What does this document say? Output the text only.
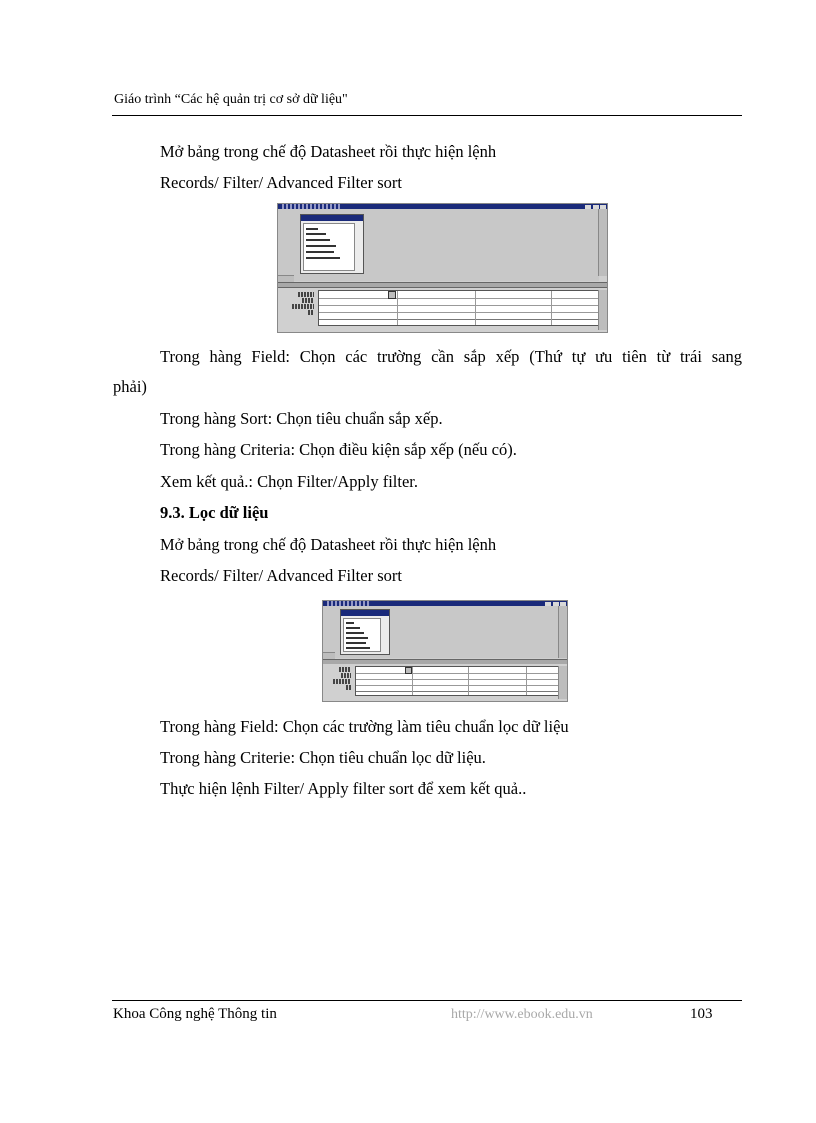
Giáo trình “Các hệ quản trị cơ sở dữ liệu"
Mở bảng trong chế độ Datasheet rồi thực hiện lệnh
Records/ Filter/ Advanced Filter sort
Trong hàng Field: Chọn các trường cần sắp xếp (Thứ tự ưu tiên từ trái sang
phải)
Trong hàng Sort: Chọn tiêu chuẩn sắp xếp.
Trong hàng Criteria: Chọn điều kiện sắp xếp (nếu có).
Xem kết quả.: Chọn Filter/Apply filter.
9.3. Lọc dữ liệu
Mở bảng trong chế độ Datasheet rồi thực hiện lệnh
Records/ Filter/ Advanced Filter sort
Trong hàng Field: Chọn các trường làm tiêu chuẩn lọc dữ liệu
Trong hàng Criterie: Chọn tiêu chuẩn lọc dữ liệu.
Thực hiện lệnh Filter/ Apply filter sort để xem kết quả..
Khoa Công nghệ Thông tin	http://www.ebook.edu.vn	103
